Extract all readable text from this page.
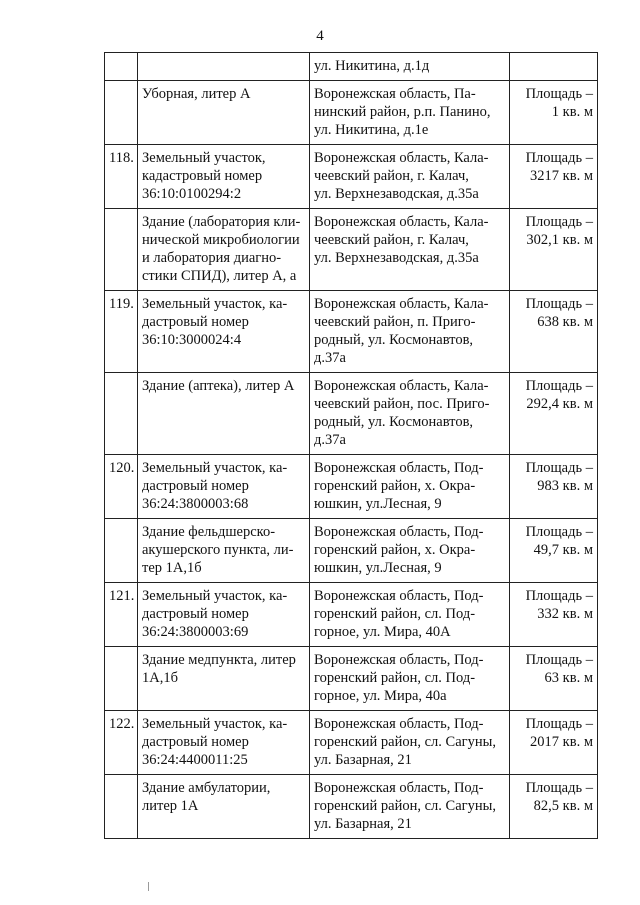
4

		ул. Никитина, д.1д	

	Уборная, литер А	Воронежская область, Па-
нинский район, р.п. Панино,
ул. Никитина, д.1е	Площадь –
1 кв. м

118.	Земельный участок,
кадастровый номер
36:10:0100294:2	Воронежская область, Кала-
чеевский район, г. Калач,
ул. Верхнезаводская, д.35а	Площадь –
3217 кв. м

	Здание (лаборатория кли-
нической микробиологии
и лаборатория диагно-
стики СПИД), литер А, а	Воронежская область, Кала-
чеевский район, г. Калач,
ул. Верхнезаводская, д.35а	Площадь –
302,1 кв. м

119.	Земельный участок, ка-
дастровый номер
36:10:3000024:4	Воронежская область, Кала-
чеевский район, п. Приго-
родный, ул. Космонавтов,
д.37а	Площадь –
638 кв. м

	Здание (аптека), литер А	Воронежская область, Кала-
чеевский район, пос. Приго-
родный, ул. Космонавтов,
д.37а	Площадь –
292,4 кв. м

120.	Земельный участок, ка-
дастровый номер
36:24:3800003:68	Воронежская область, Под-
горенский район, х. Окра-
юшкин, ул.Лесная, 9	Площадь –
983 кв. м

	Здание фельдшерско-
акушерского пункта, ли-
тер 1А,1б	Воронежская область, Под-
горенский район, х. Окра-
юшкин, ул.Лесная, 9	Площадь –
49,7 кв. м

121.	Земельный участок, ка-
дастровый номер
36:24:3800003:69	Воронежская область, Под-
горенский район, сл. Под-
горное, ул. Мира, 40А	Площадь –
332 кв. м

	Здание медпункта, литер
1А,1б	Воронежская область, Под-
горенский район, сл. Под-
горное, ул. Мира, 40а	Площадь –
63 кв. м

122.	Земельный участок, ка-
дастровый номер
36:24:4400011:25	Воронежская область, Под-
горенский район, сл. Сагуны,
ул. Базарная, 21	Площадь –
2017 кв. м

	Здание амбулатории,
литер 1А	Воронежская область, Под-
горенский район, сл. Сагуны,
ул. Базарная, 21	Площадь –
82,5 кв. м
